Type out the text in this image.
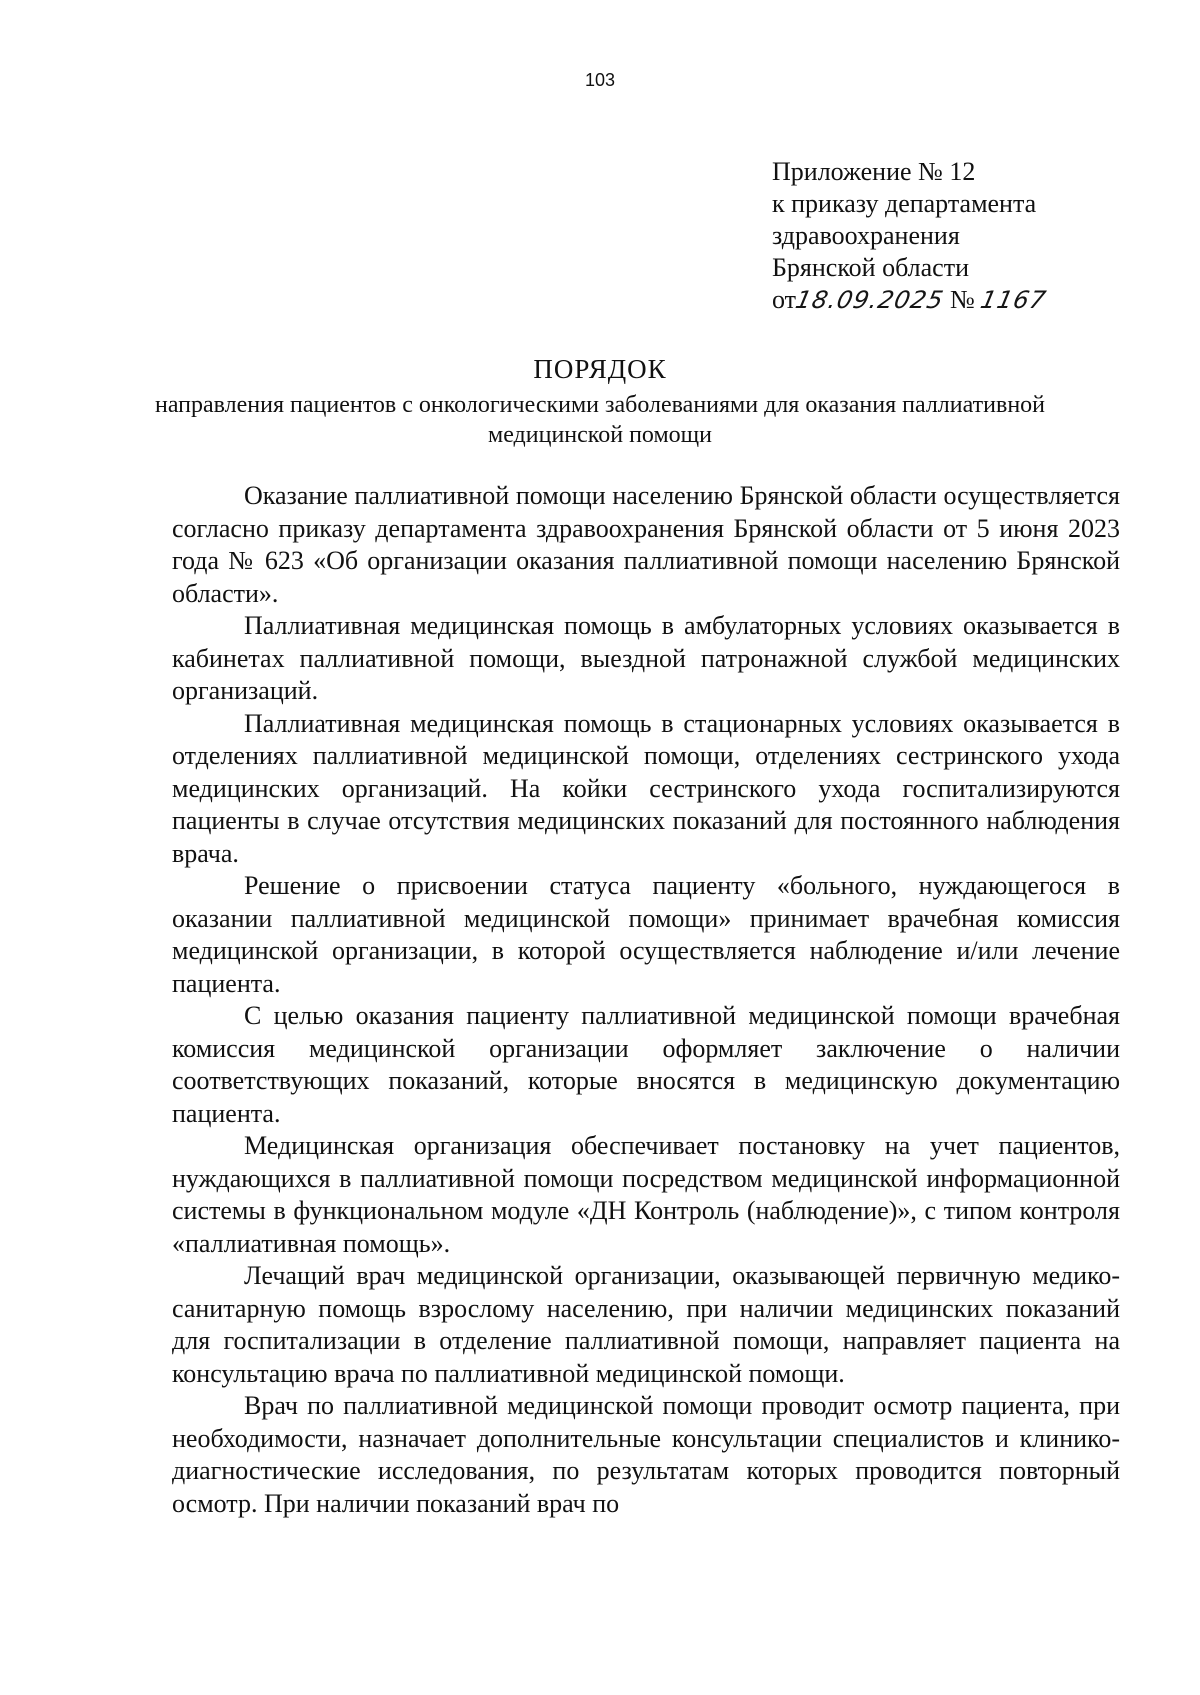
103
Приложение № 12
к приказу департамента
здравоохранения
Брянской области
от18.09.2025 № 1167
ПОРЯДОК
направления пациентов с онкологическими заболеваниями для оказания паллиативной медицинской помощи

Оказание паллиативной помощи населению Брянской области осуществляется согласно приказу департамента здравоохранения Брянской области от 5 июня 2023 года № 623 «Об организации оказания паллиативной помощи населению Брянской области».

Паллиативная медицинская помощь в амбулаторных условиях оказывается в кабинетах паллиативной помощи, выездной патронажной службой медицинских организаций.

Паллиативная медицинская помощь в стационарных условиях оказывается в отделениях паллиативной медицинской помощи, отделениях сестринского ухода медицинских организаций. На койки сестринского ухода госпитализируются пациенты в случае отсутствия медицинских показаний для постоянного наблюдения врача.

Решение о присвоении статуса пациенту «больного, нуждающегося в оказании паллиативной медицинской помощи» принимает врачебная комиссия медицинской организации, в которой осуществляется наблюдение и/или лечение пациента.

С целью оказания пациенту паллиативной медицинской помощи врачебная комиссия медицинской организации оформляет заключение о наличии соответствующих показаний, которые вносятся в медицинскую документацию пациента.

Медицинская организация обеспечивает постановку на учет пациентов, нуждающихся в паллиативной помощи посредством медицинской информационной системы в функциональном модуле «ДН Контроль (наблюдение)», с типом контроля «паллиативная помощь».

Лечащий врач медицинской организации, оказывающей первичную медико-санитарную помощь взрослому населению, при наличии медицинских показаний для госпитализации в отделение паллиативной помощи, направляет пациента на консультацию врача по паллиативной медицинской помощи.

Врач по паллиативной медицинской помощи проводит осмотр пациента, при необходимости, назначает дополнительные консультации специалистов и клинико-диагностические исследования, по результатам которых проводится повторный осмотр. При наличии показаний врач по
